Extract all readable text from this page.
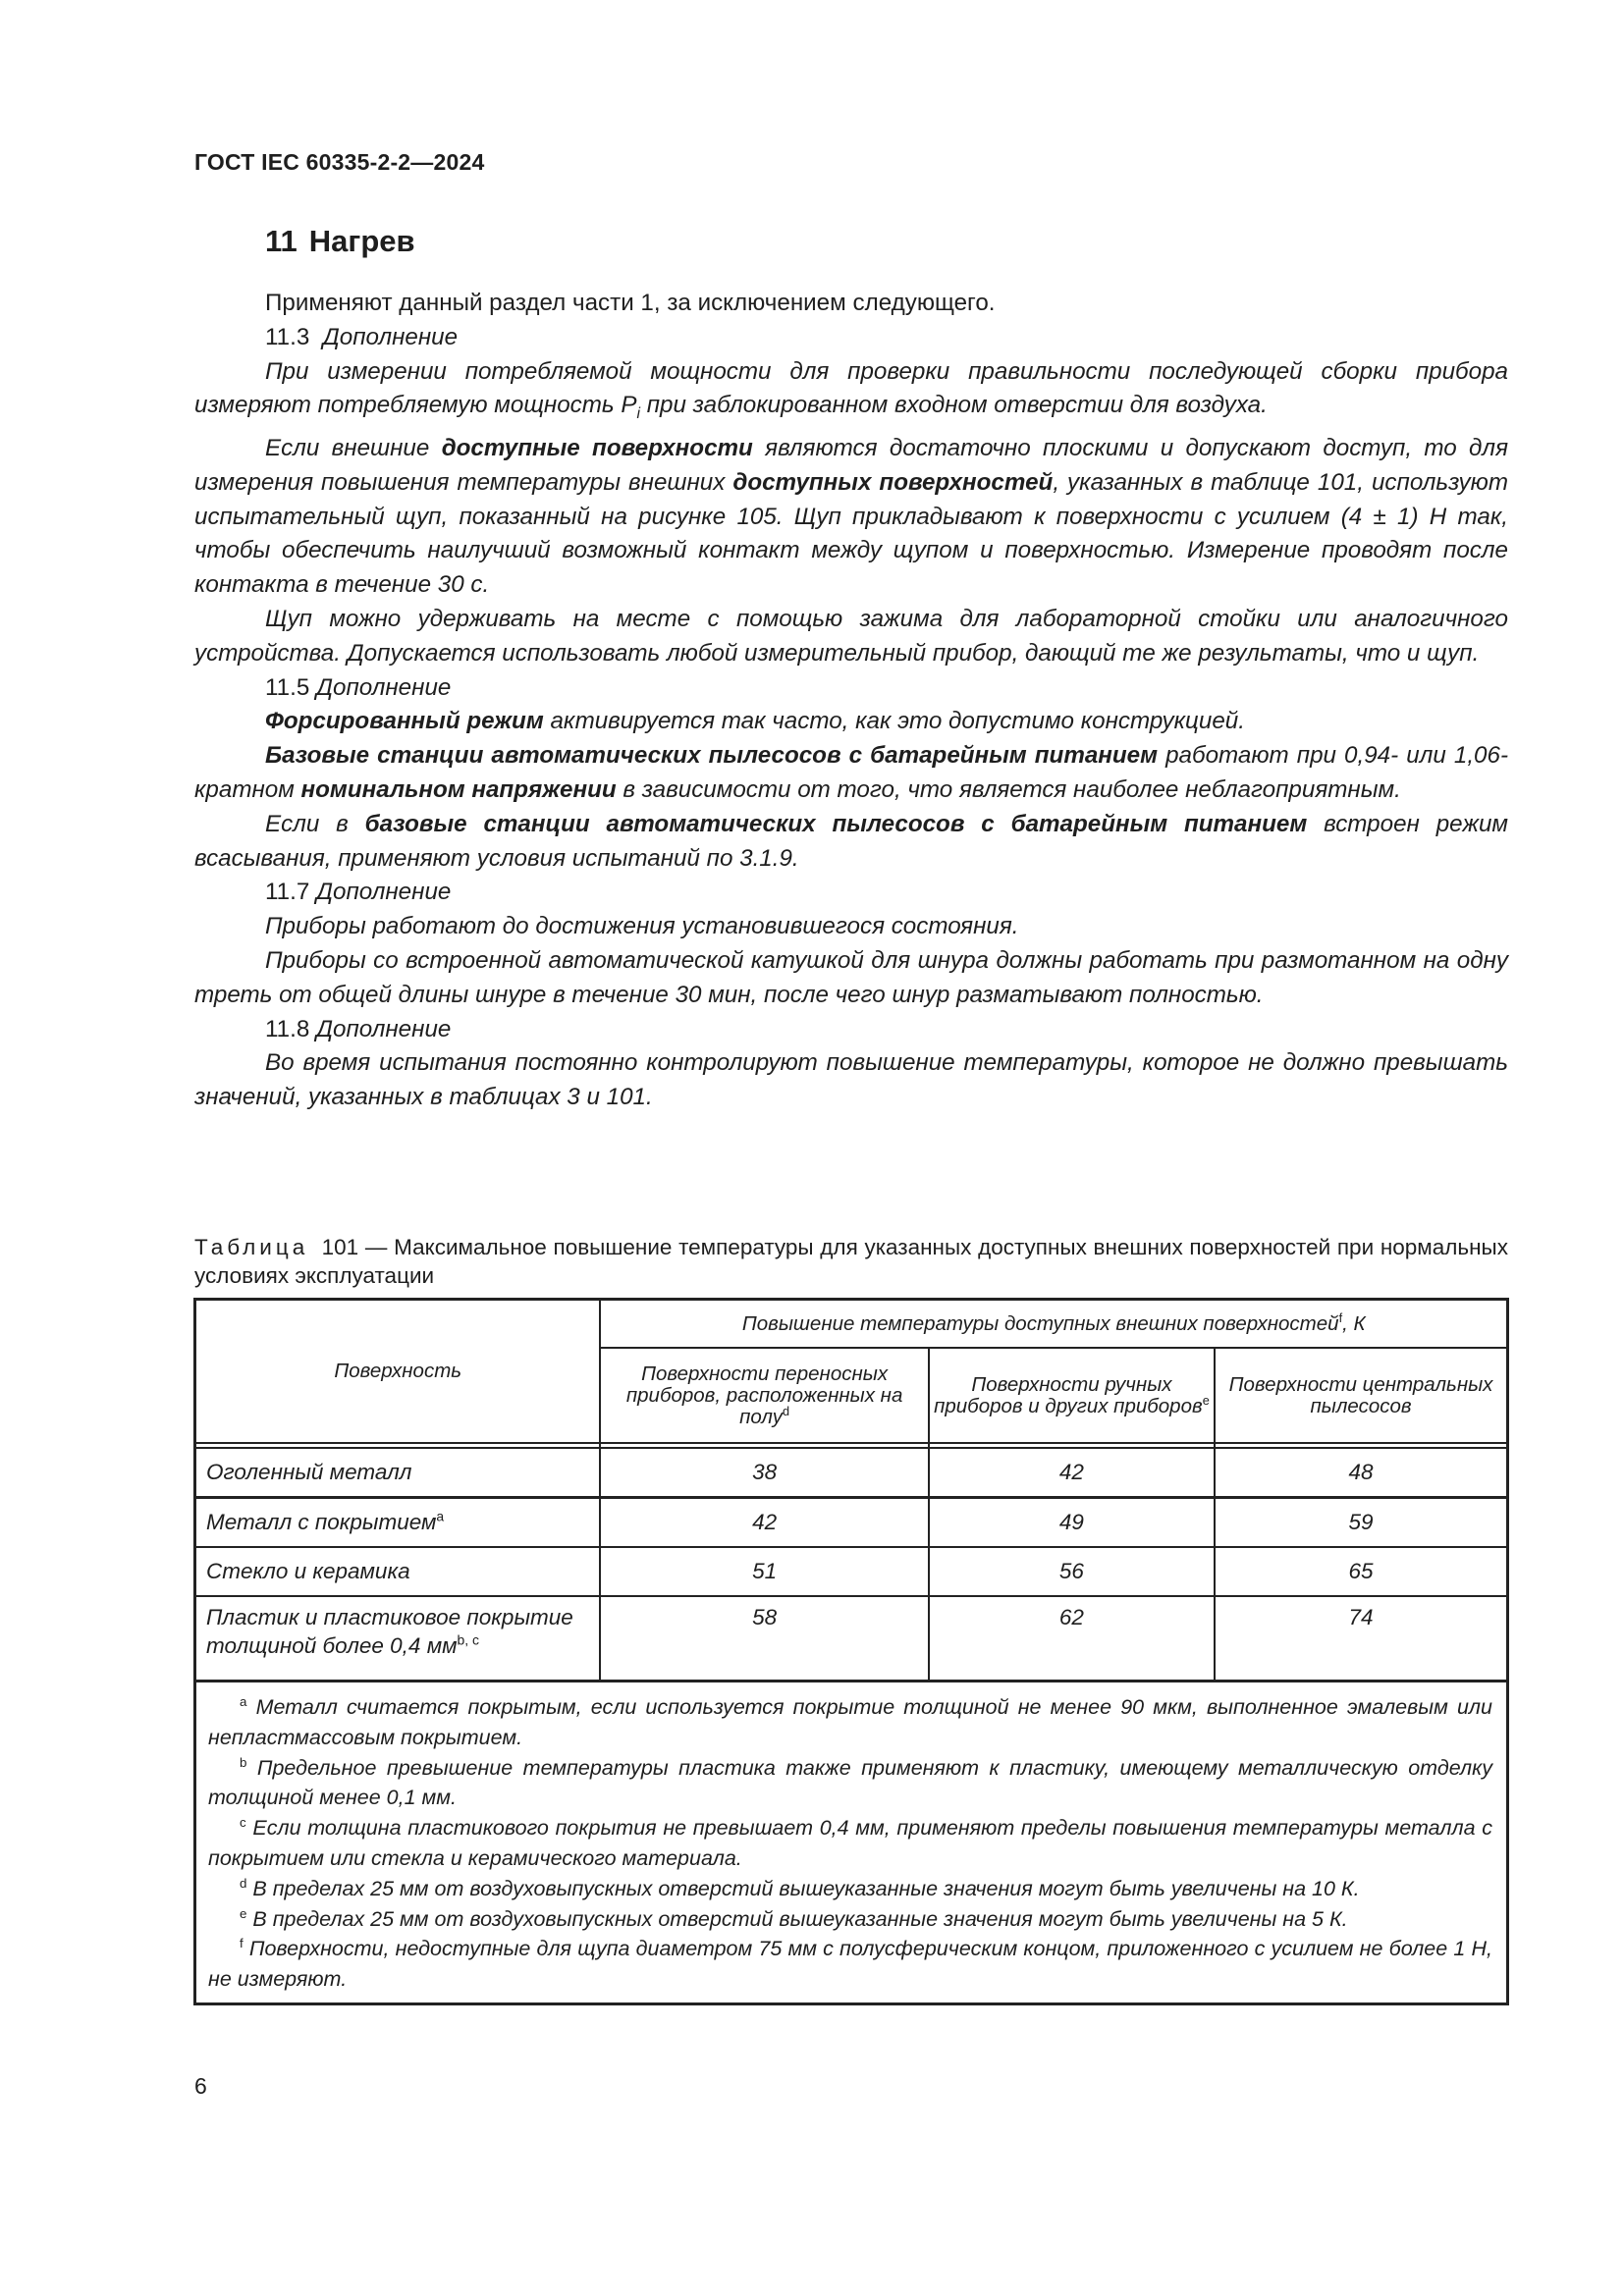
ГОСТ IEC 60335-2-2—2024
11 Нагрев

Применяют данный раздел части 1, за исключением следующего.

11.3 Дополнение

При измерении потребляемой мощности для проверки правильности последующей сборки прибора измеряют потребляемую мощность $P_i$ при заблокированном входном отверстии для воздуха.

Если внешние доступные поверхности являются достаточно плоскими и допускают доступ, то для измерения повышения температуры внешних доступных поверхностей, указанных в таблице 101, используют испытательный щуп, показанный на рисунке 105. Щуп прикладывают к поверхности с усилием (4 ± 1) Н так, чтобы обеспечить наилучший возможный контакт между щупом и поверхностью. Измерение проводят после контакта в течение 30 с.

Щуп можно удерживать на месте с помощью зажима для лабораторной стойки или аналогичного устройства. Допускается использовать любой измерительный прибор, дающий те же результаты, что и щуп.

11.5 Дополнение

Форсированный режим активируется так часто, как это допустимо конструкцией.

Базовые станции автоматических пылесосов с батарейным питанием работают при 0,94- или 1,06-кратном номинальном напряжении в зависимости от того, что является наиболее неблагоприятным.

Если в базовые станции автоматических пылесосов с батарейным питанием встроен режим всасывания, применяют условия испытаний по 3.1.9.

11.7 Дополнение

Приборы работают до достижения установившегося состояния.

Приборы со встроенной автоматической катушкой для шнура должны работать при размотанном на одну треть от общей длины шнуре в течение 30 мин, после чего шнур разматывают полностью.

11.8 Дополнение

Во время испытания постоянно контролируют повышение температуры, которое не должно превышать значений, указанных в таблицах 3 и 101.

Таблица 101 — Максимальное повышение температуры для указанных доступных внешних поверхностей при нормальных условиях эксплуатации
Поверхность	Повышение температуры доступных внешних поверхностей$^f$, К		
	Поверхности переносных приборов, расположенных на полу$^d$	Поверхности ручных приборов и других приборов$^e$	Поверхности центральных пылесосов

Оголенный металл	38	42	48
Металл с покрытием$^a$	42	49	59
Стекло и керамика	51	56	65
Пластик и пластиковое покрытие толщиной более 0,4 мм$^{b, c}$	58	62	74

$^a$ Металл считается покрытым, если используется покрытие толщиной не менее 90 мкм, выполненное эмалевым или непластмассовым покрытием.
$^b$ Предельное превышение температуры пластика также применяют к пластику, имеющему металлическую отделку толщиной менее 0,1 мм.
$^c$ Если толщина пластикового покрытия не превышает 0,4 мм, применяют пределы повышения температуры металла с покрытием или стекла и керамического материала.
$^d$ В пределах 25 мм от воздуховыпускных отверстий вышеуказанные значения могут быть увеличены на 10 К.
$^e$ В пределах 25 мм от воздуховыпускных отверстий вышеуказанные значения могут быть увеличены на 5 К.
$^f$ Поверхности, недоступные для щупа диаметром 75 мм с полусферическим концом, приложенного с усилием не более 1 Н, не измеряют.
6
